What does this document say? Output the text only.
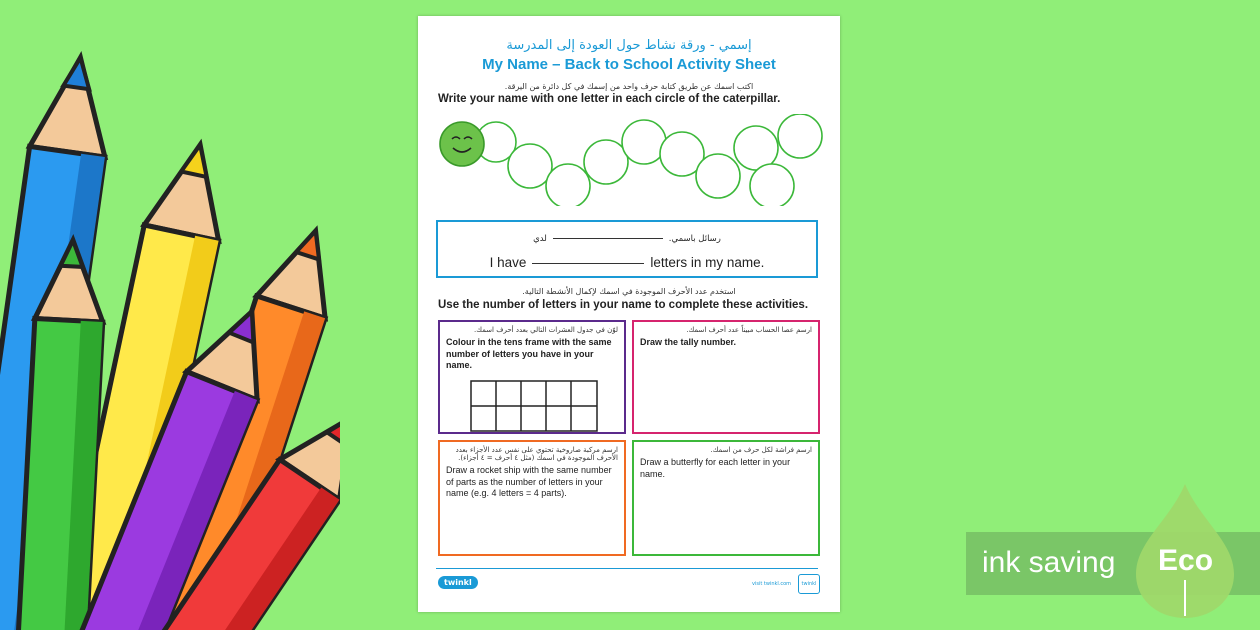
إسمي - ورقة نشاط حول العودة إلى المدرسة
My Name – Back to School Activity Sheet
اكتب اسمك عن طريق كتابة حرف واحد من إسمك في كل دائرة من اليرقة.
Write your name with one letter in each circle of the caterpillar.
رسائل باسمي.لدي
I have	letters in my name.
استخدم عدد الأحرف الموجودة في اسمك لإكمال الأنشطة التالية.
Use the number of letters in your name to complete these activities.
لوّن في جدول العشرات التالي بعدد أحرف اسمك.
Colour in the tens frame with the same number of letters you have in your name.
ارسم عصا الحساب مبيناً عدد أحرف اسمك.
Draw the tally number.
ارسم مركبة صاروخية تحتوي على نفس عدد الأجزاء بعدد الأحرف الموجودة في اسمك (مثل ٤ أحرف = ٤ أجزاء).
Draw a rocket ship with the same number of parts as the number of letters in your name (e.g. 4 letters = 4 parts).
ارسم فراشة لكل حرف من اسمك.
Draw a butterfly for each letter in your name.
twinkl	visit twinkl.com	twinkl
ink saving Eco
